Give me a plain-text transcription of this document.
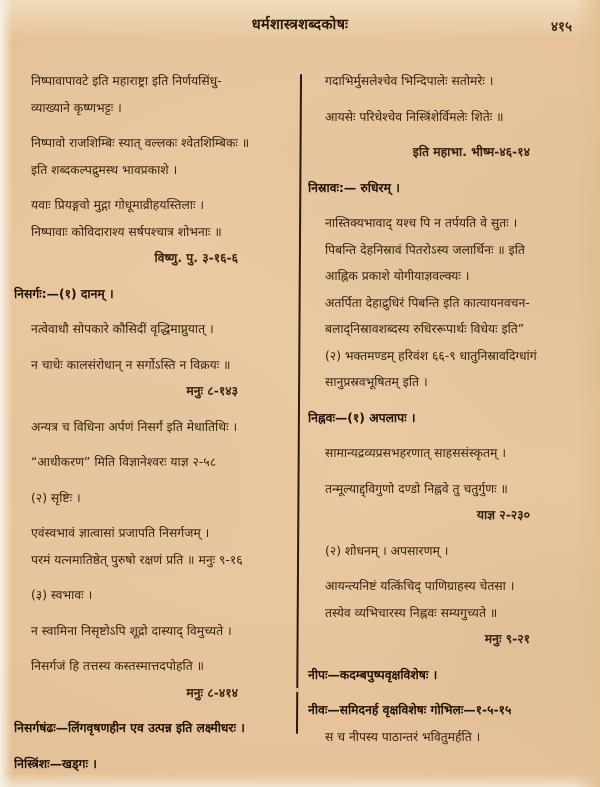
धर्मशास्त्रशब्दकोषः	४१५
निष्पावापावटे इति महाराष्ट्रा इति निर्णयसिंधु-
व्याख्याने कृष्णभट्टः ।
निष्पावो राजशिम्बिः स्यात् वल्लकः श्वेतशिम्बिकः ॥
इति शब्दकल्पद्रुमस्थ भावप्रकाशे ।
यवाः प्रियङ्गवो मुद्गा गोधूमाव्रीहयस्तिलाः ।
निष्पावाः कोविदाराश्य सर्षपश्चात्र शोभनाः ॥
विष्णु. पु. ३-१६-६
निसर्गः:—(१) दानम् ।
नत्वेवाधौ सोपकारे कौसिदीं वृद्धिमाप्नुयात् ।
न चाधेः कालसंरोधान् न सर्गोऽस्ति न विक्रयः ॥
मनुः ८-१४३
अन्यत्र च विधिना अर्पणं निसर्गं इति मेधातिथिः ।
“आधीकरण” मिति विज्ञानेश्वरः याज्ञ २-५८
(२) सृष्टिः ।
एवंस्वभावं ज्ञात्वासां प्रजापति निसर्गजम् ।
परमं यत्नमातिष्ठेत् पुरुषो रक्षणं प्रति ॥ मनुः ९-१६
(३) स्वभावः ।
न स्वामिना निसृष्टोऽपि शूद्रो दास्याद् विमुच्यते ।
निसर्गजं हि तत्तस्य कस्तस्मात्तदपोहति ॥
मनुः ८-४१४
निसर्गषंढः—लिंगवृषणहीन एव उत्पन्न इति लक्ष्मीधरः ।
निस्त्रिंशः—खड्गः ।
गदाभिर्मुसलेश्चेव भिन्दिपालेः सतोमरेः ।
आयसेः परिधेश्चेव निस्त्रिंशेर्विमलेः शितेः ॥
इति महाभा. भीष्म-४६-१४
निस्रावः:— रुधिरम् ।
नास्तिक्यभावाद् यश्च पि न तर्पयति वे सुतः ।
पिबन्ति देहनिस्रावं पितरोऽस्य जलार्थिनः ॥ इति
आह्निक प्रकाशे योगीयाज्ञवल्क्यः ।
अतर्पिता देहाद्रुधिरं पिबन्ति इति कात्यायनवचन-
बलाद्निस्रावशब्दस्य रुधिररूपार्थः विधेयः इति”
(२) भक्तमण्डम् हरिवंश ६६-९ धातुनिस्रावदिग्धांगं
सानुप्रस्रवभूषितम् इति ।
निह्नवः—(१) अपलापः ।
सामान्यद्रव्यप्रसभहरणात् साहससंस्कृतम् ।
तन्मूल्याद्द्विगुणो दण्डो निह्नवे तु चतुर्गुणः ॥
याज्ञ २-२३०
(२) शोधनम् । अपसारणम् ।
आयन्त्यनिष्टं यत्किंचिद् पाणिग्राहस्य चेतसा ।
तस्येव व्यभिचारस्य निह्नवः सम्यगुच्यते ॥
मनुः ९-२१
नीपः—कदम्बपुष्पवृक्षविशेषः ।
नीवः—समिदनर्ह वृक्षविशेषः गोभिलः—१-५-१५
स च नीपस्य पाठान्तरं भवितुमर्हति ।
